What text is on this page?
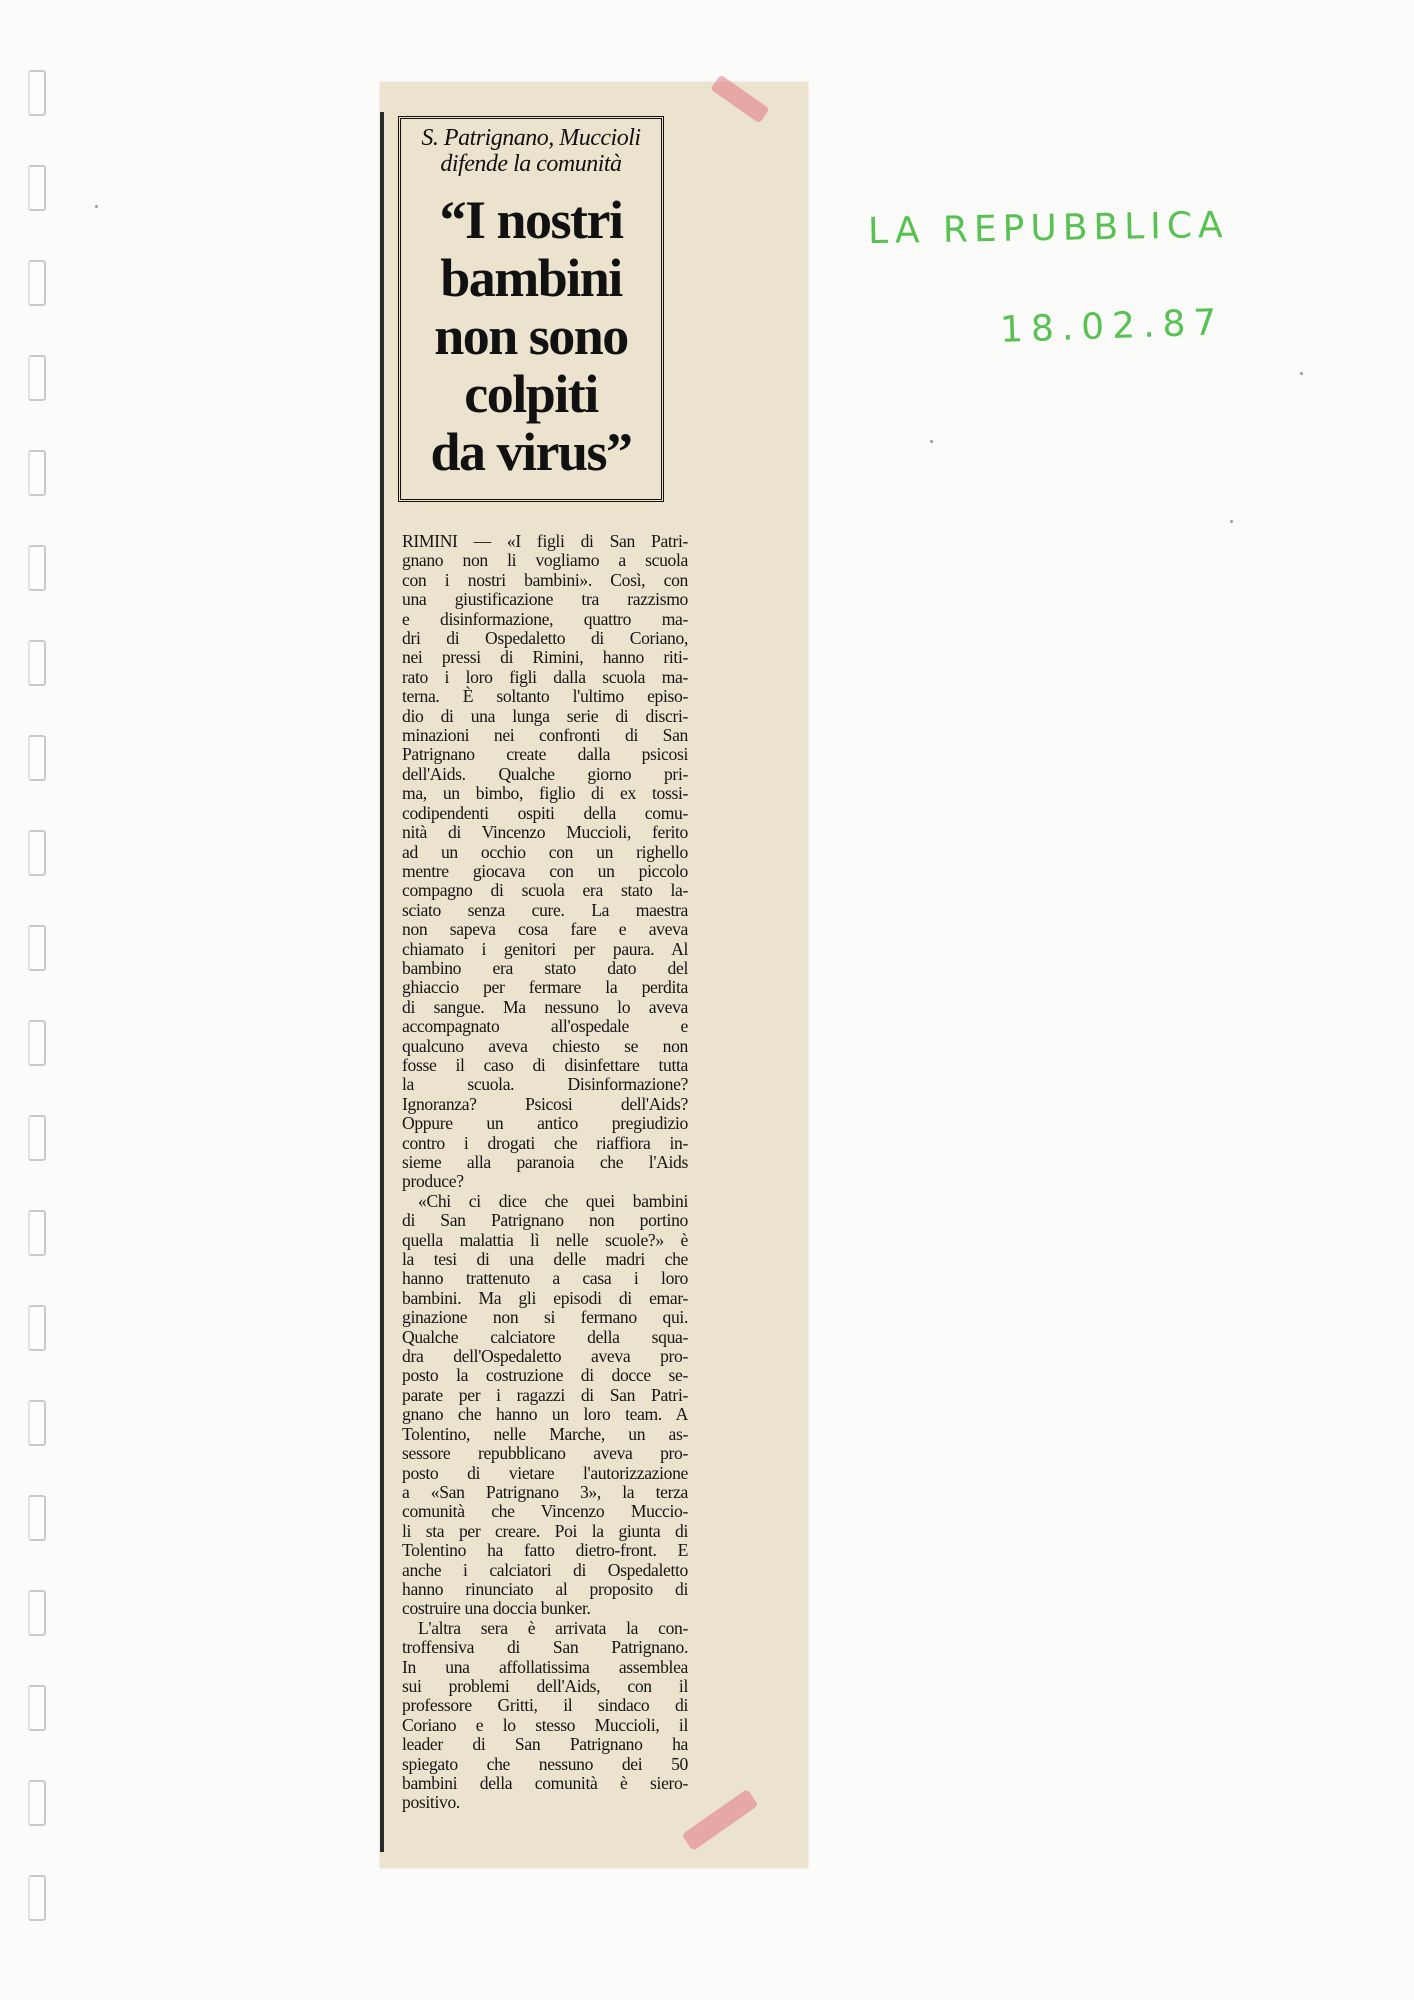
S. Patrignano, Muccioli
difende la comunità
“I nostri
bambini
non sono
colpiti
da virus”
RIMINI — «I figli di San Patri-
gnano non li vogliamo a scuola
con i nostri bambini». Così, con
una giustificazione tra razzismo
e disinformazione, quattro ma-
dri di Ospedaletto di Coriano,
nei pressi di Rimini, hanno riti-
rato i loro figli dalla scuola ma-
terna. È soltanto l'ultimo episo-
dio di una lunga serie di discri-
minazioni nei confronti di San
Patrignano create dalla psicosi
dell'Aids. Qualche giorno pri-
ma, un bimbo, figlio di ex tossi-
codipendenti ospiti della comu-
nità di Vincenzo Muccioli, ferito
ad un occhio con un righello
mentre giocava con un piccolo
compagno di scuola era stato la-
sciato senza cure. La maestra
non sapeva cosa fare e aveva
chiamato i genitori per paura. Al
bambino era stato dato del
ghiaccio per fermare la perdita
di sangue. Ma nessuno lo aveva
accompagnato all'ospedale e
qualcuno aveva chiesto se non
fosse il caso di disinfettare tutta
la scuola. Disinformazione?
Ignoranza? Psicosi dell'Aids?
Oppure un antico pregiudizio
contro i drogati che riaffiora in-
sieme alla paranoia che l'Aids
produce?
«Chi ci dice che quei bambini
di San Patrignano non portino
quella malattia lì nelle scuole?» è
la tesi di una delle madri che
hanno trattenuto a casa i loro
bambini. Ma gli episodi di emar-
ginazione non si fermano qui.
Qualche calciatore della squa-
dra dell'Ospedaletto aveva pro-
posto la costruzione di docce se-
parate per i ragazzi di San Patri-
gnano che hanno un loro team. A
Tolentino, nelle Marche, un as-
sessore repubblicano aveva pro-
posto di vietare l'autorizzazione
a «San Patrignano 3», la terza
comunità che Vincenzo Muccio-
li sta per creare. Poi la giunta di
Tolentino ha fatto dietro-front. E
anche i calciatori di Ospedaletto
hanno rinunciato al proposito di
costruire una doccia bunker.
L'altra sera è arrivata la con-
troffensiva di San Patrignano.
In una affollatissima assemblea
sui problemi dell'Aids, con il
professore Gritti, il sindaco di
Coriano e lo stesso Muccioli, il
leader di San Patrignano ha
spiegato che nessuno dei 50
bambini della comunità è siero-
positivo.
LA REPUBBLICA
18.02.87
